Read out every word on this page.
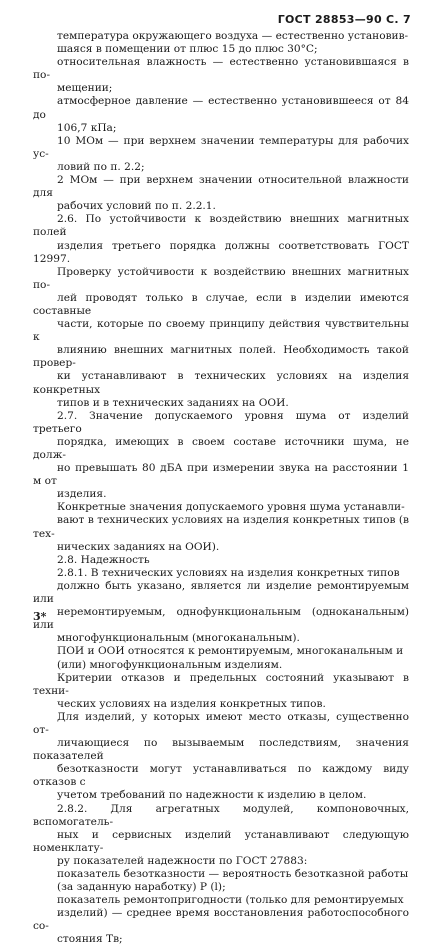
ГОСТ 28853—90 С. 7

температура окружающего воздуха — естественно установив-
шаяся в помещении от плюс 15 до плюс 30°С;

относительная влажность — естественно установившаяся в по-
мещении;

атмосферное давление — естественно установившееся от 84 до
106,7 кПа;

10 МОм — при верхнем значении температуры для рабочих ус-
ловий по п. 2.2;

2 МОм — при верхнем значении относительной влажности для
рабочих условий по п. 2.2.1.

2.6. По устойчивости к воздействию внешних магнитных полей
изделия третьего порядка должны соответствовать ГОСТ 12997.

Проверку устойчивости к воздействию внешних магнитных по-
лей проводят только в случае, если в изделии имеются составные
части, которые по своему принципу действия чувствительны к
влиянию внешних магнитных полей. Необходимость такой провер-
ки устанавливают в технических условиях на изделия конкретных
типов и в технических заданиях на ООИ.

2.7. Значение допускаемого уровня шума от изделий третьего
порядка, имеющих в своем составе источники шума, не долж-
но превышать 80 дБА при измерении звука на расстоянии 1 м от
изделия.

Конкретные значения допускаемого уровня шума устанавли-
вают в технических условиях на изделия конкретных типов (в тех-
нических заданиях на ООИ).

2.8. Надежность

2.8.1. В технических условиях на изделия конкретных типов
должно быть указано, является ли изделие ремонтируемым или
неремонтируемым, однофункциональным (одноканальным) или
многофункциональным (многоканальным).

ПОИ и ООИ относятся к ремонтируемым, многоканальным и
(или) многофункциональным изделиям.

Критерии отказов и предельных состояний указывают в техни-
ческих условиях на изделия конкретных типов.

Для изделий, у которых имеют место отказы, существенно от-
личающиеся по вызываемым последствиям, значения показателей
безотказности могут устанавливаться по каждому виду отказов с
учетом требований по надежности к изделию в целом.

2.8.2. Для агрегатных модулей, компоновочных, вспомогатель-
ных и сервисных изделий устанавливают следующую номенклату-
ру показателей надежности по ГОСТ 27883:

показатель безотказности — вероятность безотказной работы
(за заданную наработку) P (l);

показатель ремонтопригодности (только для ремонтируемых
изделий) — среднее время восстановления работоспособного со-
стояния Tв;

3*
